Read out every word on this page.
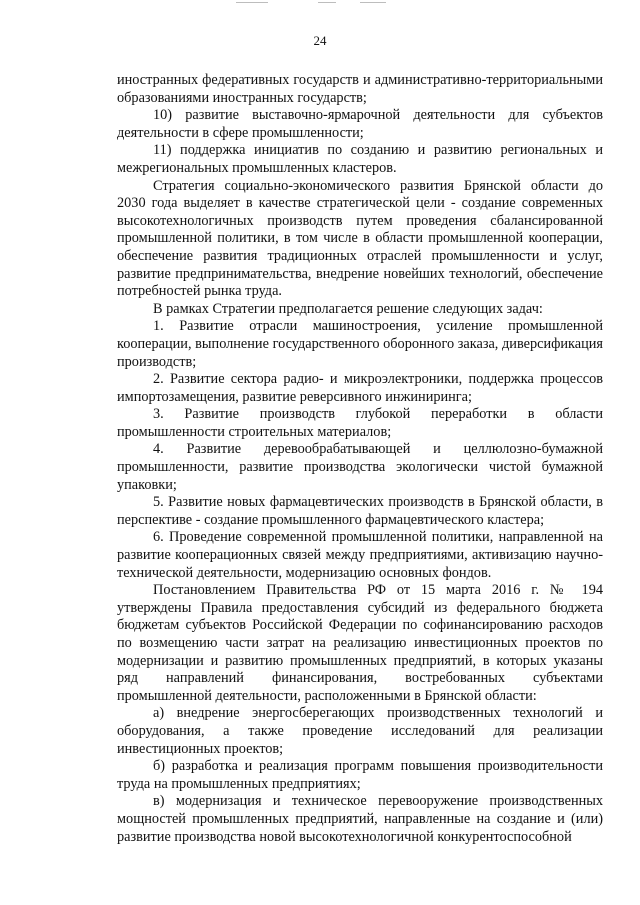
24

иностранных федеративных государств и административно-территориальными образованиями иностранных государств;

10) развитие выставочно-ярмарочной деятельности для субъектов деятельности в сфере промышленности;

11) поддержка инициатив по созданию и развитию региональных и межрегиональных промышленных кластеров.

Стратегия социально-экономического развития Брянской области до 2030 года выделяет в качестве стратегической цели - создание современных высокотехнологичных производств путем проведения сбалансированной промышленной политики, в том числе в области промышленной кооперации, обеспечение развития традиционных отраслей промышленности и услуг, развитие предпринимательства, внедрение новейших технологий, обеспечение потребностей рынка труда.

В рамках Стратегии предполагается решение следующих задач:

1. Развитие отрасли машиностроения, усиление промышленной кооперации, выполнение государственного оборонного заказа, диверсификация производств;

2. Развитие сектора радио- и микроэлектроники, поддержка процессов импортозамещения, развитие реверсивного инжиниринга;

3. Развитие производств глубокой переработки в области промышленности строительных материалов;

4. Развитие деревообрабатывающей и целлюлозно-бумажной промышленности, развитие производства экологически чистой бумажной упаковки;

5. Развитие новых фармацевтических производств в Брянской области, в перспективе - создание промышленного фармацевтического кластера;

6. Проведение современной промышленной политики, направленной на развитие кооперационных связей между предприятиями, активизацию научно-технической деятельности, модернизацию основных фондов.

Постановлением Правительства РФ от 15 марта 2016 г. № 194 утверждены Правила предоставления субсидий из федерального бюджета бюджетам субъектов Российской Федерации по софинансированию расходов по возмещению части затрат на реализацию инвестиционных проектов по модернизации и развитию промышленных предприятий, в которых указаны ряд направлений финансирования, востребованных субъектами промышленной деятельности, расположенными в Брянской области:

а) внедрение энергосберегающих производственных технологий и оборудования, а также проведение исследований для реализации инвестиционных проектов;

б) разработка и реализация программ повышения производительности труда на промышленных предприятиях;

в) модернизация и техническое перевооружение производственных мощностей промышленных предприятий, направленные на создание и (или) развитие производства новой высокотехнологичной конкурентоспособной
